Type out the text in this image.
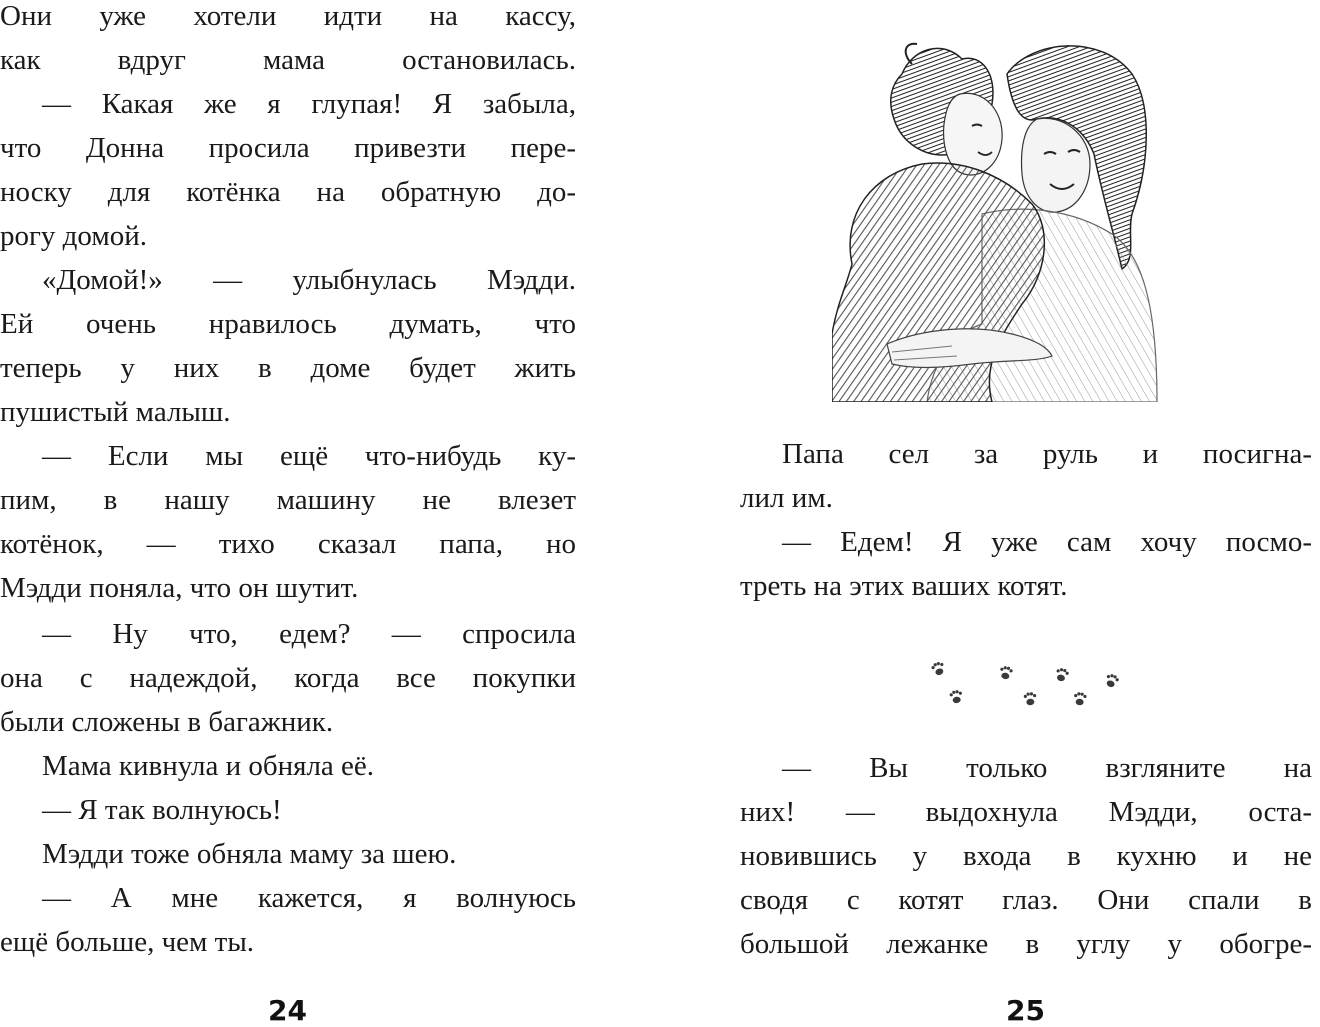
Они уже хотели идти на кассу,
как вдруг мама остановилась.
— Какая же я глупая! Я забыла,
что Донна просила привезти пере-
носку для котёнка на обратную до-
рогу домой.
«Домой!» — улыбнулась Мэдди.
Ей очень нравилось думать, что
теперь у них в доме будет жить
пушистый малыш.
— Если мы ещё что-нибудь ку-
пим, в нашу машину не влезет
котёнок, — тихо сказал папа, но
Мэдди поняла, что он шутит.
— Ну что, едем? — спросила
она с надеждой, когда все покупки
были сложены в багажник.
Мама кивнула и обняла её.
— Я так волнуюсь!
Мэдди тоже обняла маму за шею.
— А мне кажется, я волнуюсь
ещё больше, чем ты.
24
Папа сел за руль и посигна-
лил им.
— Едем! Я уже сам хочу посмо-
треть на этих ваших котят.
— Вы только взгляните на
них! — выдохнула Мэдди, оста-
новившись у входа в кухню и не
сводя с котят глаз. Они спали в
большой лежанке в углу у обогре-
25
